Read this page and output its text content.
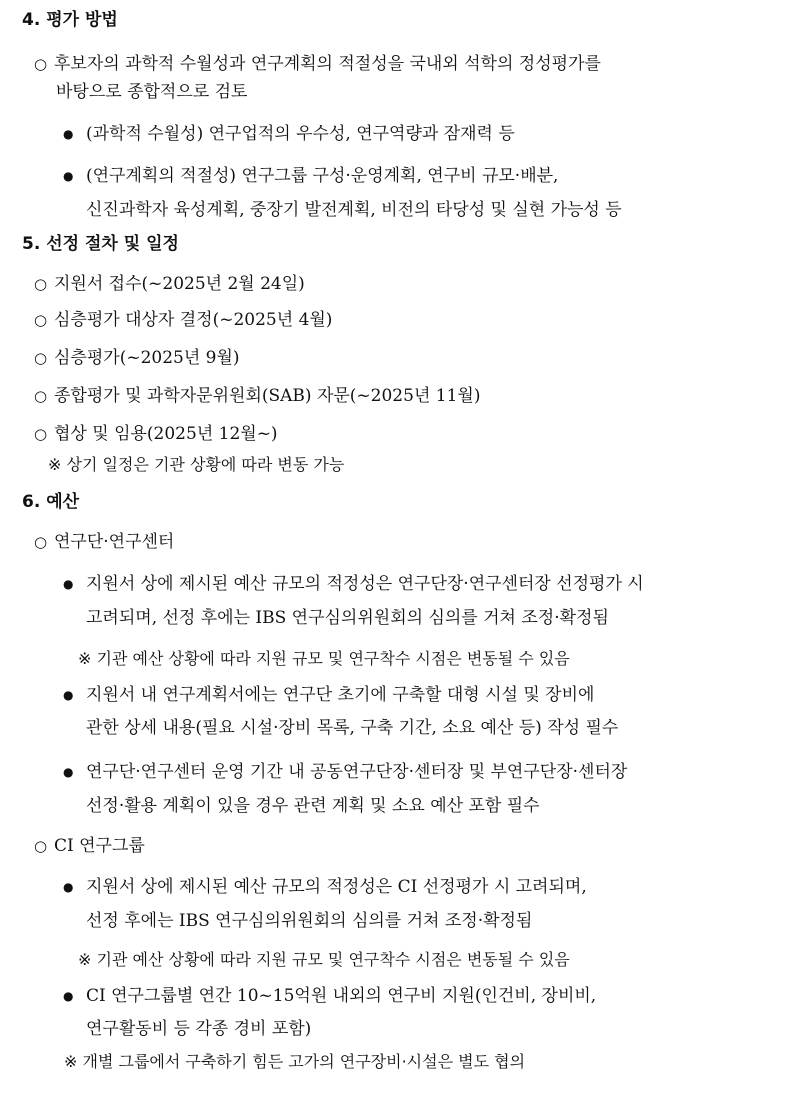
4. 평가 방법
○ 후보자의 과학적 수월성과 연구계획의 적절성을 국내외 석학의 정성평가를
바탕으로 종합적으로 검토
● (과학적 수월성) 연구업적의 우수성, 연구역량과 잠재력 등
● (연구계획의 적절성) 연구그룹 구성·운영계획, 연구비 규모·배분,
신진과학자 육성계획, 중장기 발전계획, 비전의 타당성 및 실현 가능성 등
5. 선정 절차 및 일정
○ 지원서 접수(~2025년 2월 24일)
○ 심층평가 대상자 결정(~2025년 4월)
○ 심층평가(~2025년 9월)
○ 종합평가 및 과학자문위원회(SAB) 자문(~2025년 11월)
○ 협상 및 임용(2025년 12월~)
※ 상기 일정은 기관 상황에 따라 변동 가능
6. 예산
○ 연구단·연구센터
● 지원서 상에 제시된 예산 규모의 적정성은 연구단장·연구센터장 선정평가 시
고려되며, 선정 후에는 IBS 연구심의위원회의 심의를 거쳐 조정·확정됨
※ 기관 예산 상황에 따라 지원 규모 및 연구착수 시점은 변동될 수 있음
● 지원서 내 연구계획서에는 연구단 초기에 구축할 대형 시설 및 장비에
관한 상세 내용(필요 시설·장비 목록, 구축 기간, 소요 예산 등) 작성 필수
● 연구단·연구센터 운영 기간 내 공동연구단장·센터장 및 부연구단장·센터장
선정·활용 계획이 있을 경우 관련 계획 및 소요 예산 포함 필수
○ CI 연구그룹
● 지원서 상에 제시된 예산 규모의 적정성은 CI 선정평가 시 고려되며,
선정 후에는 IBS 연구심의위원회의 심의를 거쳐 조정·확정됨
※ 기관 예산 상황에 따라 지원 규모 및 연구착수 시점은 변동될 수 있음
● CI 연구그룹별 연간 10~15억원 내외의 연구비 지원(인건비, 장비비,
연구활동비 등 각종 경비 포함)
※ 개별 그룹에서 구축하기 힘든 고가의 연구장비·시설은 별도 협의
